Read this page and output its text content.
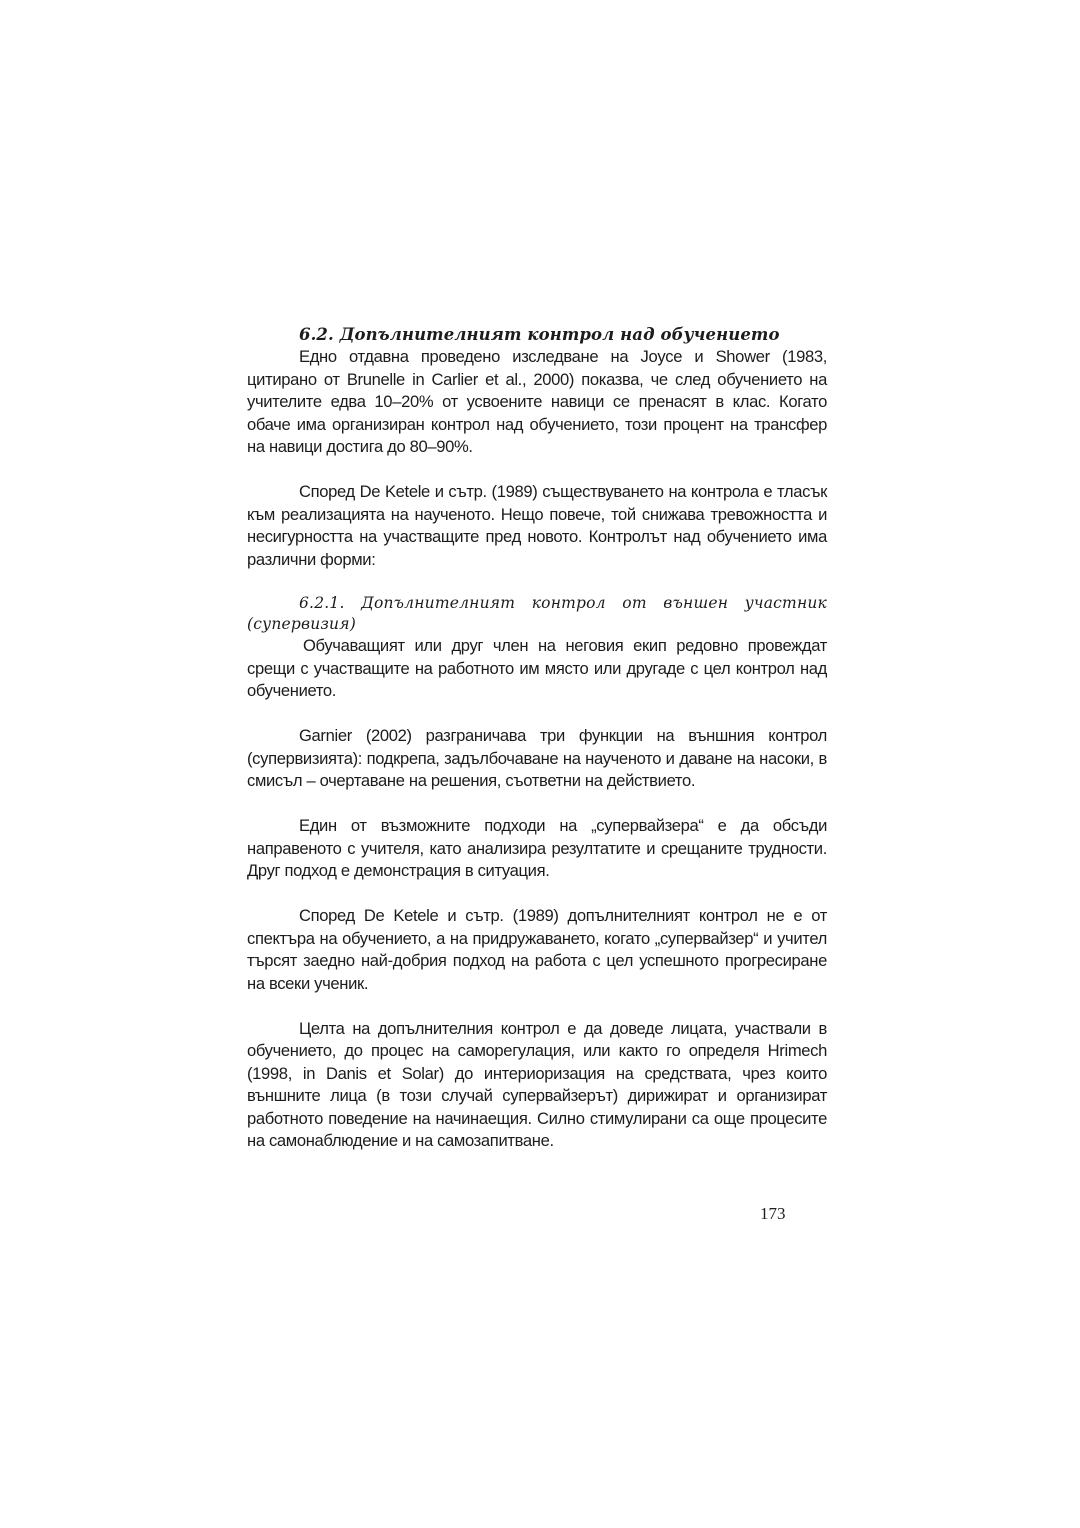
6.2. Допълнителният контрол над обучението

Едно отдавна проведено изследване на Joyce и Shower (1983, цитирано от Brunelle in Carlier et al., 2000) показва, че след обучението на учителите едва 10–20% от усвоените навици се пренасят в клас. Когато обаче има организиран контрол над обучението, този процент на трансфер на навици достига до 80–90%.

Според De Ketele и сътр. (1989) съществуването на контрола е тласък към реализацията на наученото. Нещо повече, той снижава тревожността и несигурността на участващите пред новото. Контролът над обучението има различни форми:

6.2.1. Допълнителният контрол от външен участник (супервизия)

Обучаващият или друг член на неговия екип редовно провеждат срещи с участващите на работното им място или другаде с цел контрол над обучението.

Garnier (2002) разграничава три функции на външния контрол (супервизията): подкрепа, задълбочаване на наученото и даване на насоки, в смисъл – очертаване на решения, съответни на действието.

Един от възможните подходи на „супервайзера“ е да обсъди направеното с учителя, като анализира резултатите и срещаните трудности. Друг подход е демонстрация в ситуация.

Според De Ketele и сътр. (1989) допълнителният контрол не е от спектъра на обучението, а на придружаването, когато „супервайзер“ и учител търсят заедно най-добрия подход на работа с цел успешното прогресиране на всеки ученик.

Целта на допълнителния контрол е да доведе лицата, участвали в обучението, до процес на саморегулация, или както го определя Hrimech (1998, in Danis et Solar) до интериоризация на средствата, чрез които външните лица (в този случай супервайзерът) дирижират и организират работното поведение на начинаещия. Силно стимулирани са още процесите на самонаблюдение и на самозапитване.

173
